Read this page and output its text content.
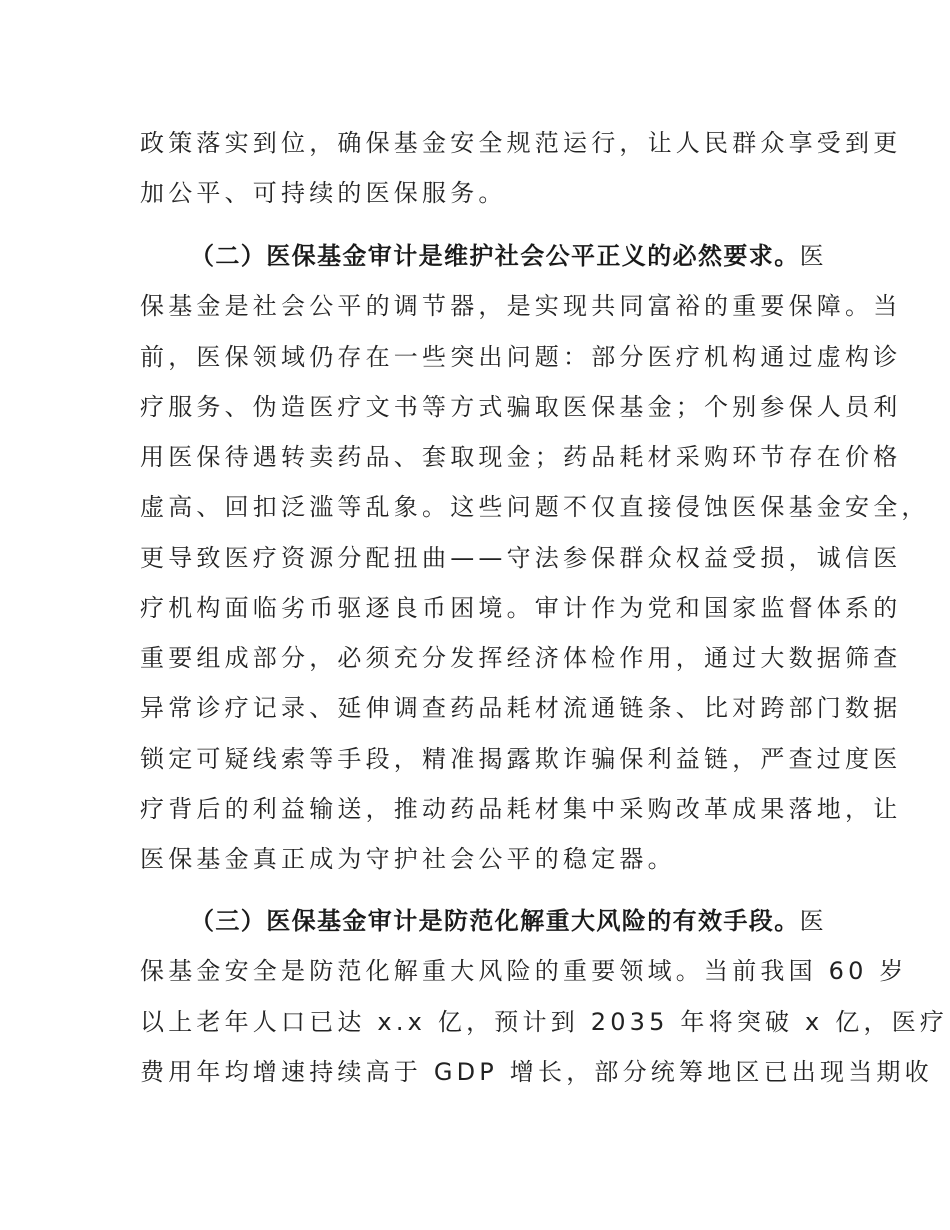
政策落实到位，确保基金安全规范运行，让人民群众享受到更
加公平、可持续的医保服务。
（二）医保基金审计是维护社会公平正义的必然要求。医
保基金是社会公平的调节器，是实现共同富裕的重要保障。当
前，医保领域仍存在一些突出问题：部分医疗机构通过虚构诊
疗服务、伪造医疗文书等方式骗取医保基金；个别参保人员利
用医保待遇转卖药品、套取现金；药品耗材采购环节存在价格
虚高、回扣泛滥等乱象。这些问题不仅直接侵蚀医保基金安全，
更导致医疗资源分配扭曲——守法参保群众权益受损，诚信医
疗机构面临劣币驱逐良币困境。审计作为党和国家监督体系的
重要组成部分，必须充分发挥经济体检作用，通过大数据筛查
异常诊疗记录、延伸调查药品耗材流通链条、比对跨部门数据
锁定可疑线索等手段，精准揭露欺诈骗保利益链，严查过度医
疗背后的利益输送，推动药品耗材集中采购改革成果落地，让
医保基金真正成为守护社会公平的稳定器。
（三）医保基金审计是防范化解重大风险的有效手段。医
保基金安全是防范化解重大风险的重要领域。当前我国 60 岁
以上老年人口已达 x.x 亿，预计到 2035 年将突破 x 亿，医疗
费用年均增速持续高于 GDP 增长，部分统筹地区已出现当期收
